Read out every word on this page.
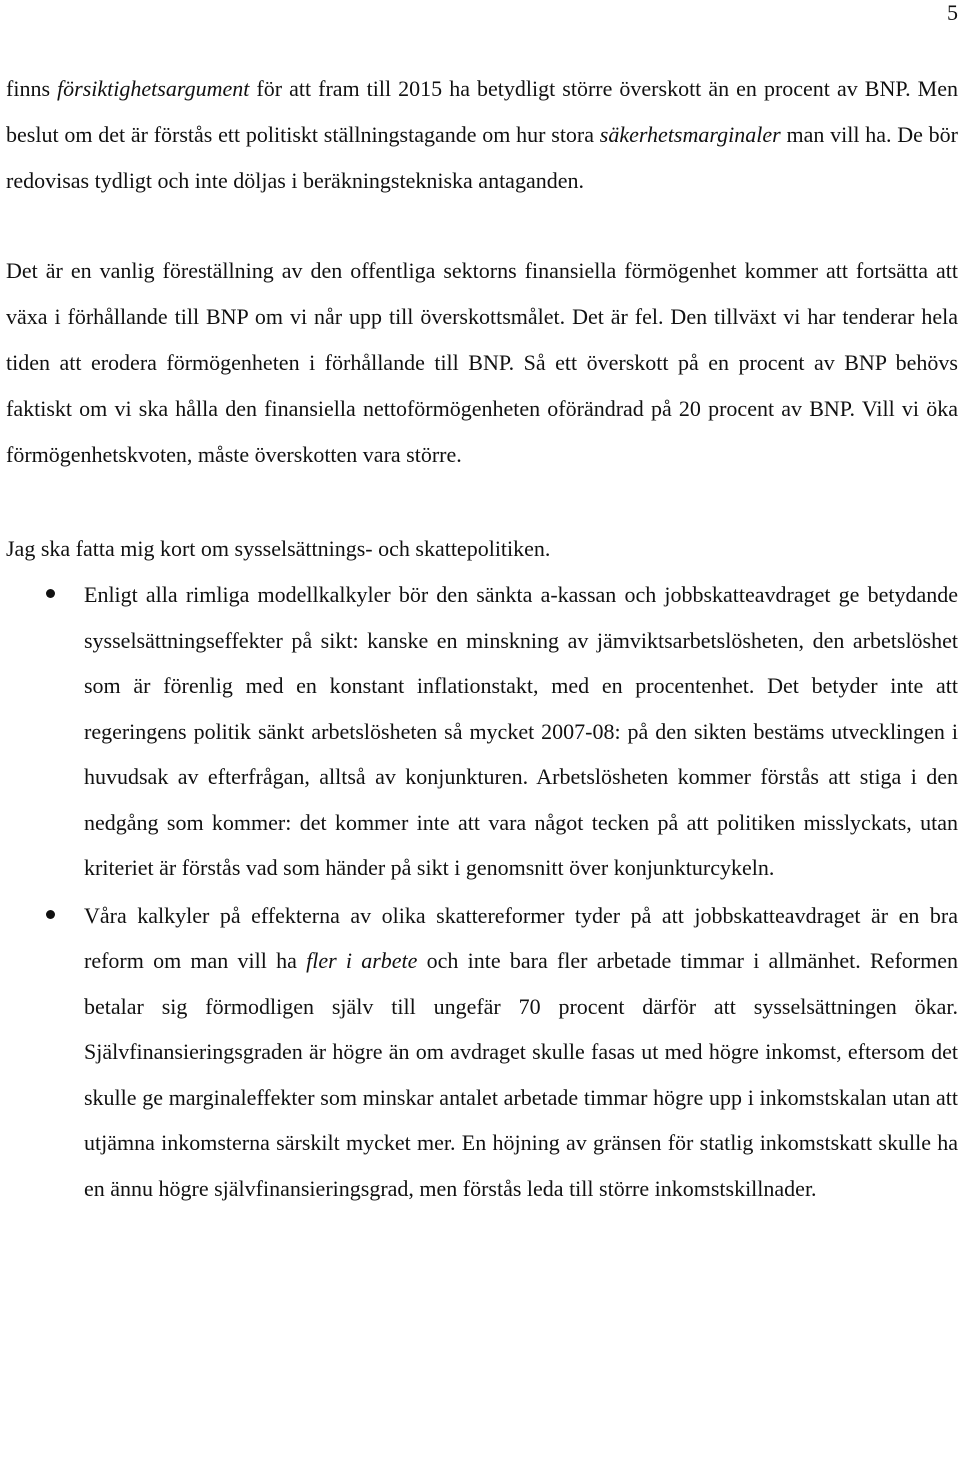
5

finns försiktighetsargument för att fram till 2015 ha betydligt större överskott än en procent av BNP. Men beslut om det är förstås ett politiskt ställningstagande om hur stora säkerhetsmarginaler man vill ha. De bör redovisas tydligt och inte döljas i beräkningstekniska antaganden.

Det är en vanlig föreställning av den offentliga sektorns finansiella förmögenhet kommer att fortsätta att växa i förhållande till BNP om vi når upp till överskottsmålet. Det är fel. Den tillväxt vi har tenderar hela tiden att erodera förmögenheten i förhållande till BNP. Så ett överskott på en procent av BNP behövs faktiskt om vi ska hålla den finansiella nettoförmögenheten oförändrad på 20 procent av BNP. Vill vi öka förmögenhetskvoten, måste överskotten vara större.

Jag ska fatta mig kort om sysselsättnings- och skattepolitiken.

Enligt alla rimliga modellkalkyler bör den sänkta a-kassan och jobbskatteavdraget ge betydande sysselsättningseffekter på sikt: kanske en minskning av jämviktsarbetslösheten, den arbetslöshet som är förenlig med en konstant inflationstakt, med en procentenhet. Det betyder inte att regeringens politik sänkt arbetslösheten så mycket 2007-08: på den sikten bestäms utvecklingen i huvudsak av efterfrågan, alltså av konjunkturen. Arbetslösheten kommer förstås att stiga i den nedgång som kommer: det kommer inte att vara något tecken på att politiken misslyckats, utan kriteriet är förstås vad som händer på sikt i genomsnitt över konjunkturcykeln.
Våra kalkyler på effekterna av olika skattereformer tyder på att jobbskatteavdraget är en bra reform om man vill ha fler i arbete och inte bara fler arbetade timmar i allmänhet. Reformen betalar sig förmodligen själv till ungefär 70 procent därför att sysselsättningen ökar. Självfinansieringsgraden är högre än om avdraget skulle fasas ut med högre inkomst, eftersom det skulle ge marginaleffekter som minskar antalet arbetade timmar högre upp i inkomstskalan utan att utjämna inkomsterna särskilt mycket mer. En höjning av gränsen för statlig inkomstskatt skulle ha en ännu högre självfinansieringsgrad, men förstås leda till större inkomstskillnader.
